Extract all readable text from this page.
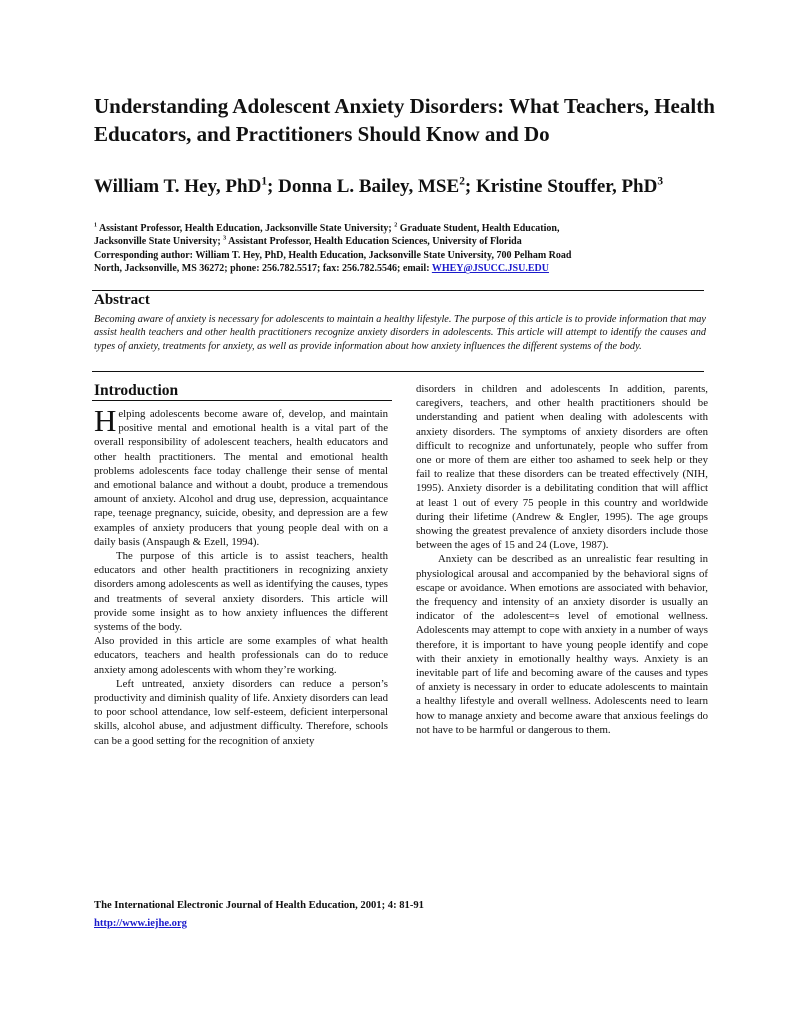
Understanding Adolescent Anxiety Disorders: What Teachers, Health Educators, and Practitioners Should Know and Do
William T. Hey, PhD$^1$; Donna L. Bailey, MSE$^2$; Kristine Stouffer, PhD$^3$
$^1$ Assistant Professor, Health Education, Jacksonville State University; $^2$ Graduate Student, Health Education,
Jacksonville State University; $^3$ Assistant Professor, Health Education Sciences, University of Florida
Corresponding author: William T. Hey, PhD, Health Education, Jacksonville State University, 700 Pelham Road
North, Jacksonville, MS 36272; phone: 256.782.5517; fax: 256.782.5546; email: WHEY@JSUCC.JSU.EDU
Abstract
Becoming aware of anxiety is necessary for adolescents to maintain a healthy lifestyle. The purpose of this article is to provide information that may assist health teachers and other health practitioners recognize anxiety disorders in adolescents. This article will attempt to identify the causes and types of anxiety, treatments for anxiety, as well as provide information about how anxiety influences the different systems of the body.
Introduction

Helping adolescents become aware of, develop, and maintain positive mental and emotional health is a vital part of the overall responsibility of adolescent teachers, health educators and other health practitioners. The mental and emotional health problems adolescents face today challenge their sense of mental and emotional balance and without a doubt, produce a tremendous amount of anxiety. Alcohol and drug use, depression, acquaintance rape, teenage pregnancy, suicide, obesity, and depression are a few examples of anxiety producers that young people deal with on a daily basis (Anspaugh & Ezell, 1994).

The purpose of this article is to assist teachers, health educators and other health practitioners in recognizing anxiety disorders among adolescents as well as identifying the causes, types and treatments of several anxiety disorders. This article will provide some insight as to how anxiety influences the different systems of the body.

Also provided in this article are some examples of what health educators, teachers and health professionals can do to reduce anxiety among adolescents with whom they’re working.

Left untreated, anxiety disorders can reduce a person’s productivity and diminish quality of life. Anxiety disorders can lead to poor school attendance, low self-esteem, deficient interpersonal skills, alcohol abuse, and adjustment difficulty. Therefore, schools can be a good setting for the recognition of anxiety

disorders in children and adolescents In addition, parents, caregivers, teachers, and other health practitioners should be understanding and patient when dealing with adolescents with anxiety disorders. The symptoms of anxiety disorders are often difficult to recognize and unfortunately, people who suffer from one or more of them are either too ashamed to seek help or they fail to realize that these disorders can be treated effectively (NIH, 1995). Anxiety disorder is a debilitating condition that will afflict at least 1 out of every 75 people in this country and worldwide during their lifetime (Andrew & Engler, 1995). The age groups showing the greatest prevalence of anxiety disorders include those between the ages of 15 and 24 (Love, 1987).

Anxiety can be described as an unrealistic fear resulting in physiological arousal and accompanied by the behavioral signs of escape or avoidance. When emotions are associated with behavior, the frequency and intensity of an anxiety disorder is usually an indicator of the adolescent=s level of emotional wellness. Adolescents may attempt to cope with anxiety in a number of ways therefore, it is important to have young people identify and cope with their anxiety in emotionally healthy ways. Anxiety is an inevitable part of life and becoming aware of the causes and types of anxiety is necessary in order to educate adolescents to maintain a healthy lifestyle and overall wellness. Adolescents need to learn how to manage anxiety and become aware that anxious feelings do not have to be harmful or dangerous to them.

The International Electronic Journal of Health Education, 2001; 4: 81-91
http://www.iejhe.org
